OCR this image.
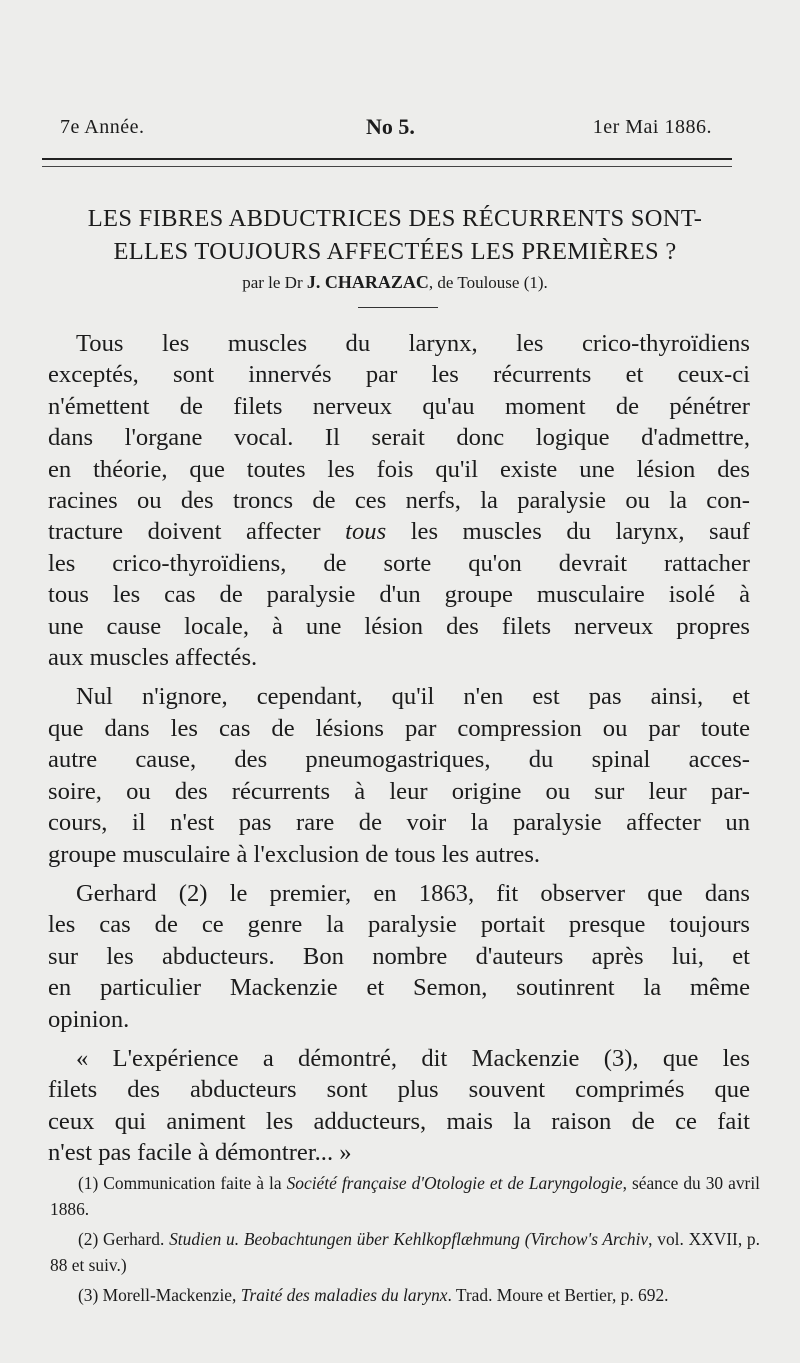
7e Année.	No 5.	1er Mai 1886.
LES FIBRES ABDUCTRICES DES RÉCURRENTS SONT-
ELLES TOUJOURS AFFECTÉES LES PREMIÈRES ?
par le Dr J. CHARAZAC, de Toulouse (1).
Tous les muscles du larynx, les crico-thyroïdiens
exceptés, sont innervés par les récurrents et ceux-ci
n'émettent de filets nerveux qu'au moment de pénétrer
dans l'organe vocal. Il serait donc logique d'admettre,
en théorie, que toutes les fois qu'il existe une lésion des
racines ou des troncs de ces nerfs, la paralysie ou la con-
tracture doivent affecter tous les muscles du larynx, sauf
les crico-thyroïdiens, de sorte qu'on devrait rattacher
tous les cas de paralysie d'un groupe musculaire isolé à
une cause locale, à une lésion des filets nerveux propres
aux muscles affectés.
Nul n'ignore, cependant, qu'il n'en est pas ainsi, et
que dans les cas de lésions par compression ou par toute
autre cause, des pneumogastriques, du spinal acces-
soire, ou des récurrents à leur origine ou sur leur par-
cours, il n'est pas rare de voir la paralysie affecter un
groupe musculaire à l'exclusion de tous les autres.
Gerhard (2) le premier, en 1863, fit observer que dans
les cas de ce genre la paralysie portait presque toujours
sur les abducteurs. Bon nombre d'auteurs après lui, et
en particulier Mackenzie et Semon, soutinrent la même
opinion.
« L'expérience a démontré, dit Mackenzie (3), que les
filets des abducteurs sont plus souvent comprimés que
ceux qui animent les adducteurs, mais la raison de ce fait
n'est pas facile à démontrer... »

(1) Communication faite à la Société française d'Otologie et de Laryngologie, séance du 30 avril 1886.

(2) Gerhard. Studien u. Beobachtungen über Kehlkopflæhmung (Virchow's Archiv, vol. XXVII, p. 88 et suiv.)

(3) Morell-Mackenzie, Traité des maladies du larynx. Trad. Moure et Bertier, p. 692.
